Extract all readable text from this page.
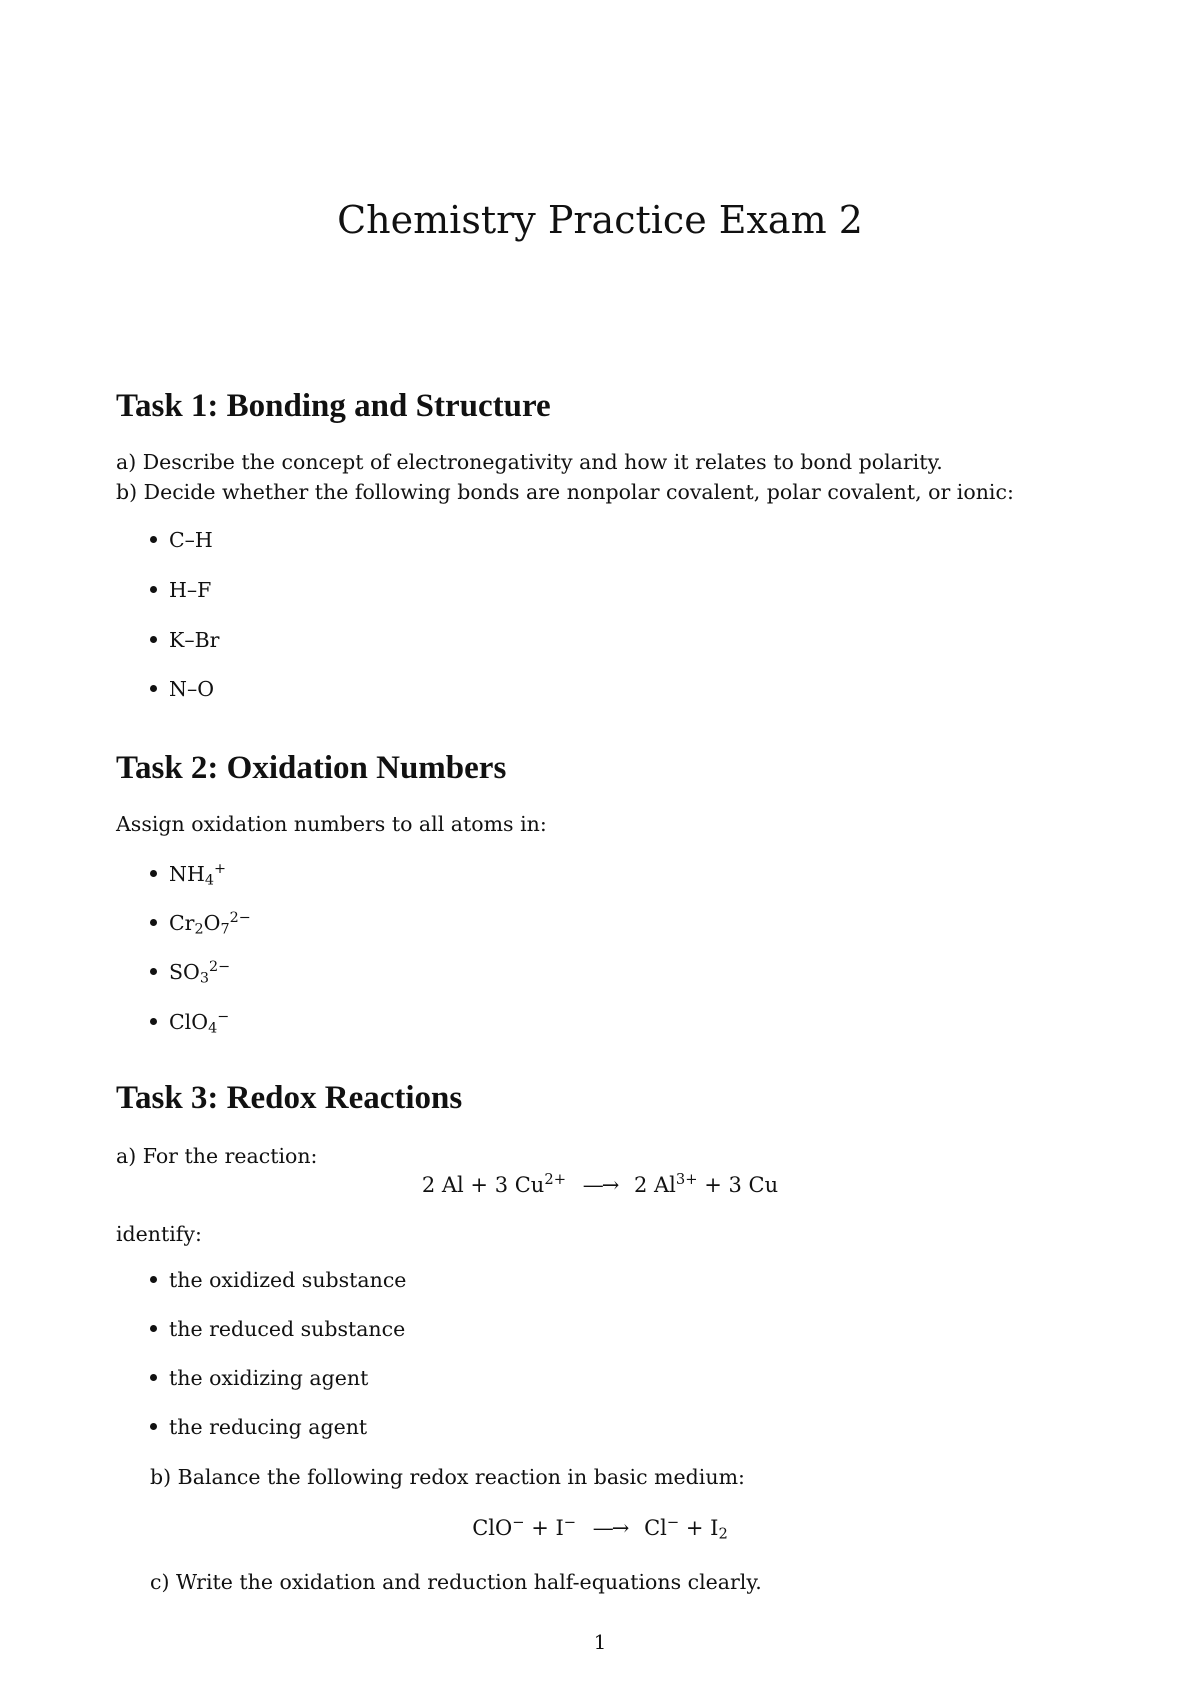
Chemistry Practice Exam 2
Task 1: Bonding and Structure

a) Describe the concept of electronegativity and how it relates to bond polarity.

b) Decide whether the following bonds are nonpolar covalent, polar covalent, or ionic:

C–H
H–F
K–Br
N–O
Task 2: Oxidation Numbers

Assign oxidation numbers to all atoms in:

$NH_4^+$
$Cr_2O_7^{2-}$
$SO_3^{2-}$
ClO$_4$−
Task 3: Redox Reactions

a) For the reaction:

2 Al + 3 $Cu^{2+}$ —→ 2 $Al^{3+} + 3$ Cu

identify:

the oxidized substance
the reduced substance
the oxidizing agent
the reducing agent

b) Balance the following redox reaction in basic medium:

ClO− + I− —→ $Cl^- + I_2$

c) Write the oxidation and reduction half-equations clearly.

1
